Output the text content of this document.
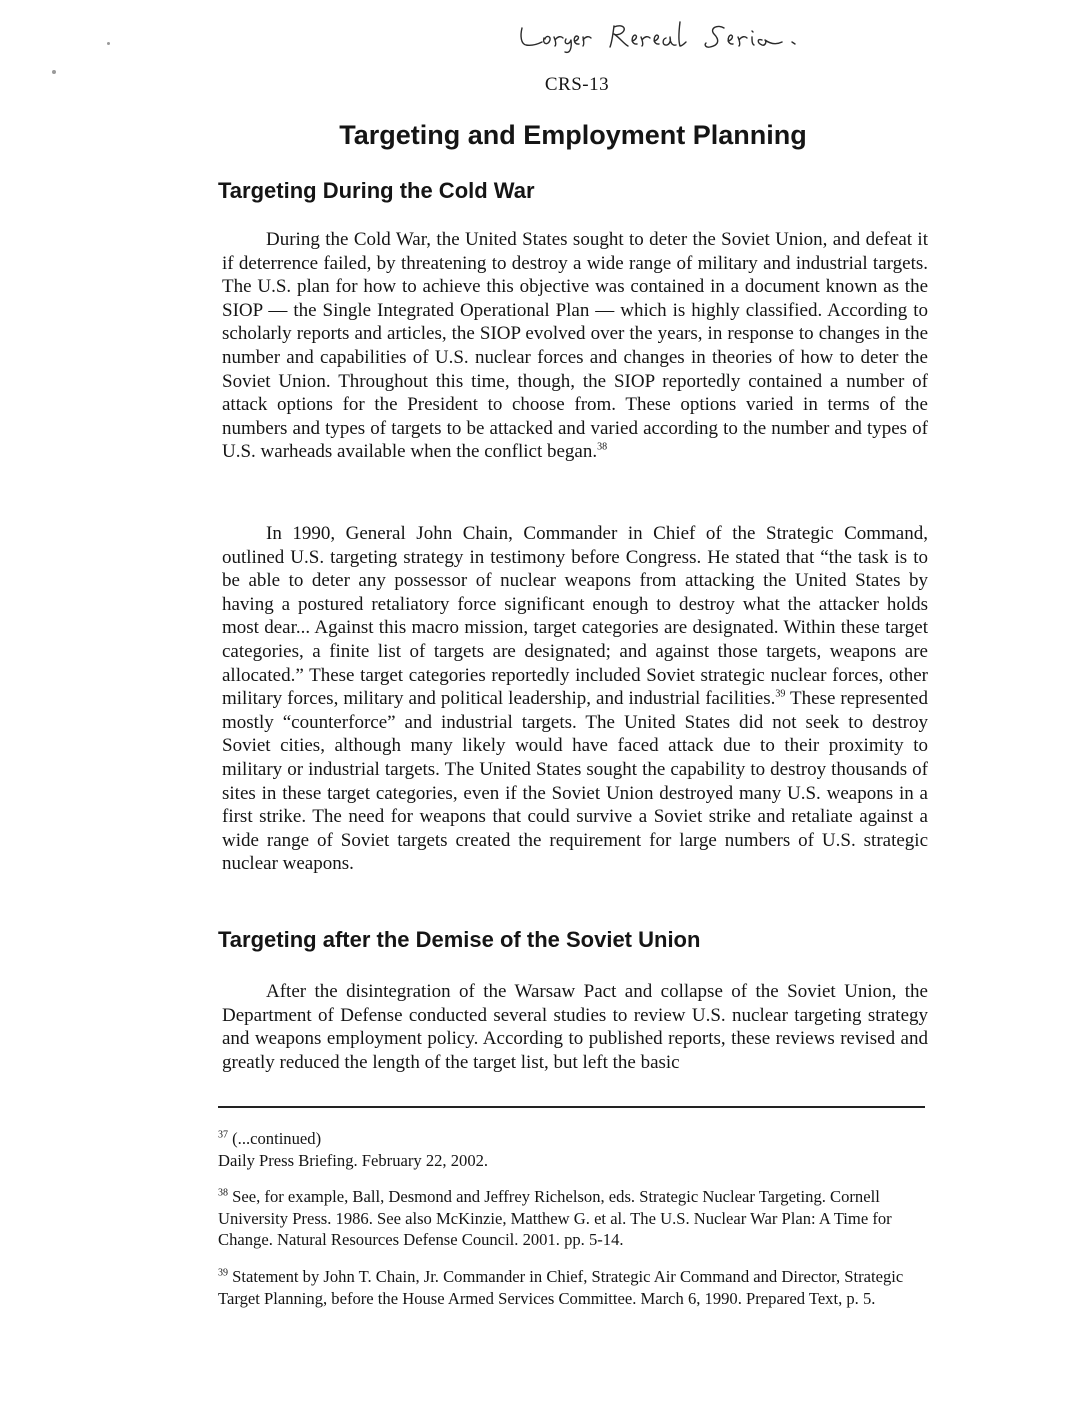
CRS-13
Targeting and Employment Planning
Targeting During the Cold War

During the Cold War, the United States sought to deter the Soviet Union, and defeat it if deterrence failed, by threatening to destroy a wide range of military and industrial targets. The U.S. plan for how to achieve this objective was contained in a document known as the SIOP — the Single Integrated Operational Plan — which is highly classified. According to scholarly reports and articles, the SIOP evolved over the years, in response to changes in the number and capabilities of U.S. nuclear forces and changes in theories of how to deter the Soviet Union. Throughout this time, though, the SIOP reportedly contained a number of attack options for the President to choose from. These options varied in terms of the numbers and types of targets to be attacked and varied according to the number and types of U.S. warheads available when the conflict began.$^{38}$

In 1990, General John Chain, Commander in Chief of the Strategic Command, outlined U.S. targeting strategy in testimony before Congress. He stated that “the task is to be able to deter any possessor of nuclear weapons from attacking the United States by having a postured retaliatory force significant enough to destroy what the attacker holds most dear... Against this macro mission, target categories are designated. Within these target categories, a finite list of targets are designated; and against those targets, weapons are allocated.” These target categories reportedly included Soviet strategic nuclear forces, other military forces, military and political leadership, and industrial facilities.$^{39}$ These represented mostly “counterforce” and industrial targets. The United States did not seek to destroy Soviet cities, although many likely would have faced attack due to their proximity to military or industrial targets. The United States sought the capability to destroy thousands of sites in these target categories, even if the Soviet Union destroyed many U.S. weapons in a first strike. The need for weapons that could survive a Soviet strike and retaliate against a wide range of Soviet targets created the requirement for large numbers of U.S. strategic nuclear weapons.

Targeting after the Demise of the Soviet Union

After the disintegration of the Warsaw Pact and collapse of the Soviet Union, the Department of Defense conducted several studies to review U.S. nuclear targeting strategy and weapons employment policy. According to published reports, these reviews revised and greatly reduced the length of the target list, but left the basic

$^{37}$ (...continued)
Daily Press Briefing. February 22, 2002.

$^{38}$ See, for example, Ball, Desmond and Jeffrey Richelson, eds. Strategic Nuclear Targeting. Cornell University Press. 1986. See also McKinzie, Matthew G. et al. The U.S. Nuclear War Plan: A Time for Change. Natural Resources Defense Council. 2001. pp. 5-14.

$^{39}$ Statement by John T. Chain, Jr. Commander in Chief, Strategic Air Command and Director, Strategic Target Planning, before the House Armed Services Committee. March 6, 1990. Prepared Text, p. 5.
